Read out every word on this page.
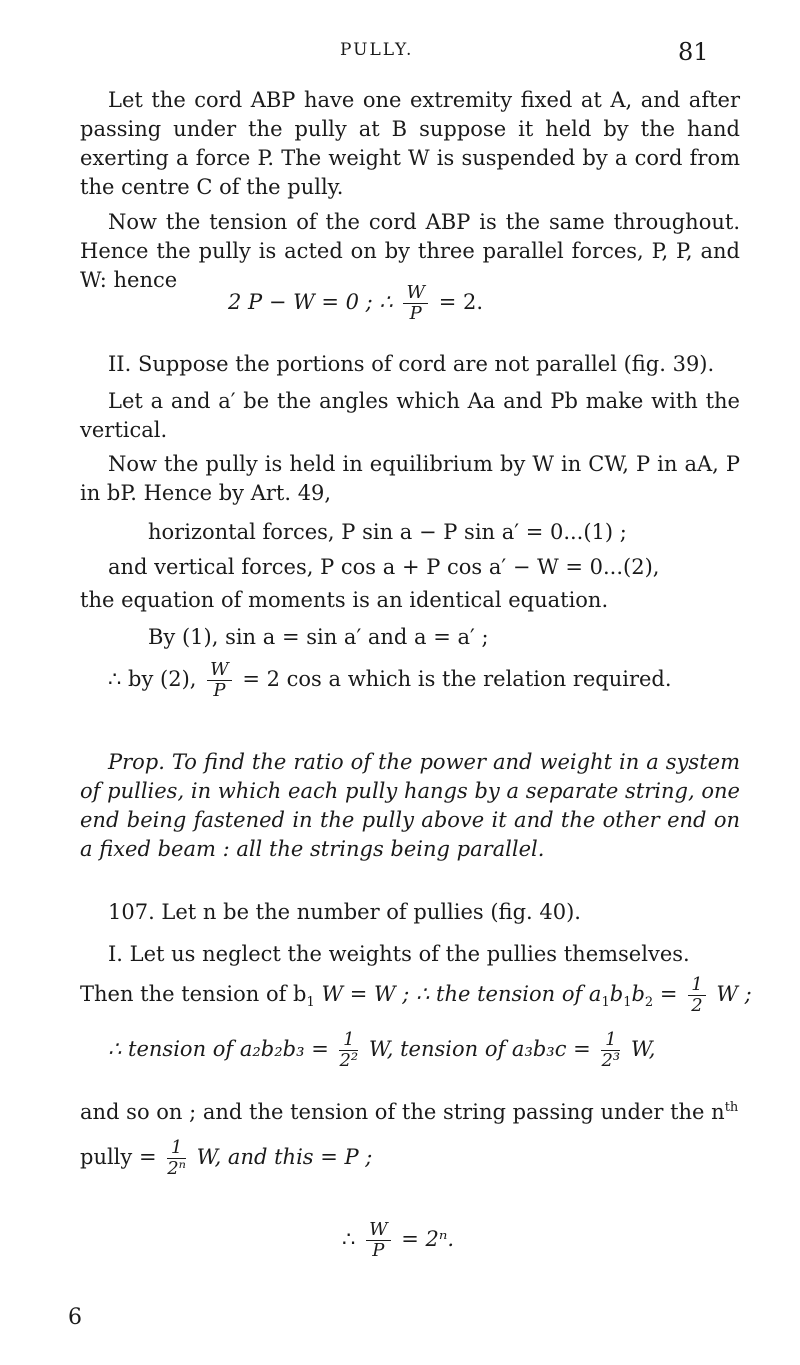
PULLY.	81

Let the cord ABP have one extremity fixed at A, and after passing under the pully at B suppose it held by the hand exerting a force P. The weight W is suspended by a cord from the centre C of the pully.

Now the tension of the cord ABP is the same throughout. Hence the pully is acted on by three parallel forces, P, P, and W: hence

2 P − W = 0 ; ∴ $\frac{W}{P} = 2$.

II. Suppose the portions of cord are not parallel (fig. 39).

Let a and a′ be the angles which Aa and Pb make with the vertical.

Now the pully is held in equilibrium by W in CW, P in aA, P in bP. Hence by Art. 49,

horizontal forces, P sin a − P sin a′ = 0...(1) ;
and vertical forces, P cos a + P cos a′ − W = 0...(2),

the equation of moments is an identical equation.

By (1), sin a = sin a′ and a = a′ ;
∴ by (2), $\frac{W}{P} = 2$ cos a which is the relation required.

Prop. To find the ratio of the power and weight in a system of pullies, in which each pully hangs by a separate string, one end being fastened in the pully above it and the other end on a fixed beam : all the strings being parallel.

107. Let n be the number of pullies (fig. 40).

I. Let us neglect the weights of the pullies themselves.

Then the tension of $b_1$ W = W ; ∴ the tension of $a_1b_1b_2 = \frac{1}{2}$ W ;
∴ tension of $a_2b_2b_3 = \frac{1}{\text{2²}} W$, tension of $a_3b_3c = \frac{1}{\text{2³}} W$,
and so on ; and the tension of the string passing under the $n^{th}$
pully = $\frac{1}{\text{2ⁿ}} W$, and this = P ;
∴ $\frac{W}{P} = 2^n$.
6
